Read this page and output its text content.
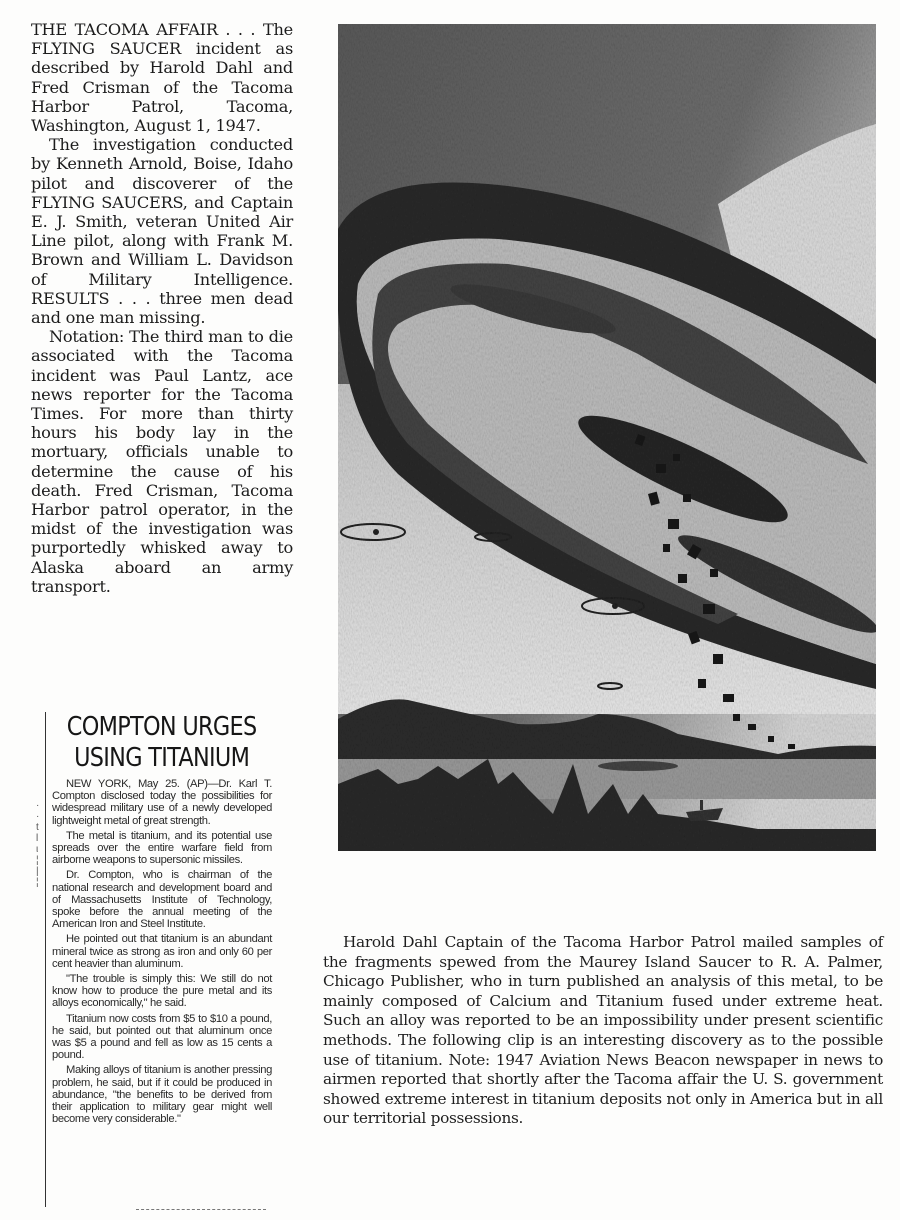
THE TACOMA AFFAIR . . . The FLYING SAUCER incident as described by Harold Dahl and Fred Crisman of the Tacoma Harbor Patrol, Tacoma, Washington, August 1, 1947.

The investigation conducted by Kenneth Arnold, Boise, Idaho pilot and discoverer of the FLYING SAUCERS, and Captain E. J. Smith, veteran United Air Line pilot, along with Frank M. Brown and William L. Davidson of Military Intelligence. RESULTS . . . three men dead and one man missing.

Notation: The third man to die associated with the Tacoma incident was Paul Lantz, ace news reporter for the Tacoma Times. For more than thirty hours his body lay in the mortuary, officials unable to determine the cause of his death. Fred Crisman, Tacoma Harbor patrol operator, in the midst of the investigation was purportedly whisked away to Alaska aboard an army transport.

·
·
t
l
ι
¦
|
¦
COMPTON URGES
USING TITANIUM

NEW YORK, May 25. (AP)—Dr. Karl T. Compton disclosed today the possibilities for widespread military use of a newly developed lightweight metal of great strength.

The metal is titanium, and its potential use spreads over the entire warfare field from airborne weapons to supersonic missiles.

Dr. Compton, who is chairman of the national research and development board and of Massachusetts Institute of Technology, spoke before the annual meeting of the American Iron and Steel Institute.

He pointed out that titanium is an abundant mineral twice as strong as iron and only 60 per cent heavier than aluminum.

"The trouble is simply this: We still do not know how to produce the pure metal and its alloys economically," he said.

Titanium now costs from $5 to $10 a pound, he said, but pointed out that aluminum once was $5 a pound and fell as low as 15 cents a pound.

Making alloys of titanium is another pressing problem, he said, but if it could be produced in abundance, "the benefits to be derived from their application to military gear might well become very considerable."

Harold Dahl Captain of the Tacoma Harbor Patrol mailed samples of the fragments spewed from the Maurey Island Saucer to R. A. Palmer, Chicago Publisher, who in turn published an analysis of this metal, to be mainly composed of Calcium and Titanium fused under extreme heat. Such an alloy was reported to be an impossibility under present scientific methods. The following clip is an interesting discovery as to the possible use of titanium. Note: 1947 Aviation News Beacon newspaper in news to airmen reported that shortly after the Tacoma affair the U. S. government showed extreme interest in titanium deposits not only in America but in all our territorial possessions.
